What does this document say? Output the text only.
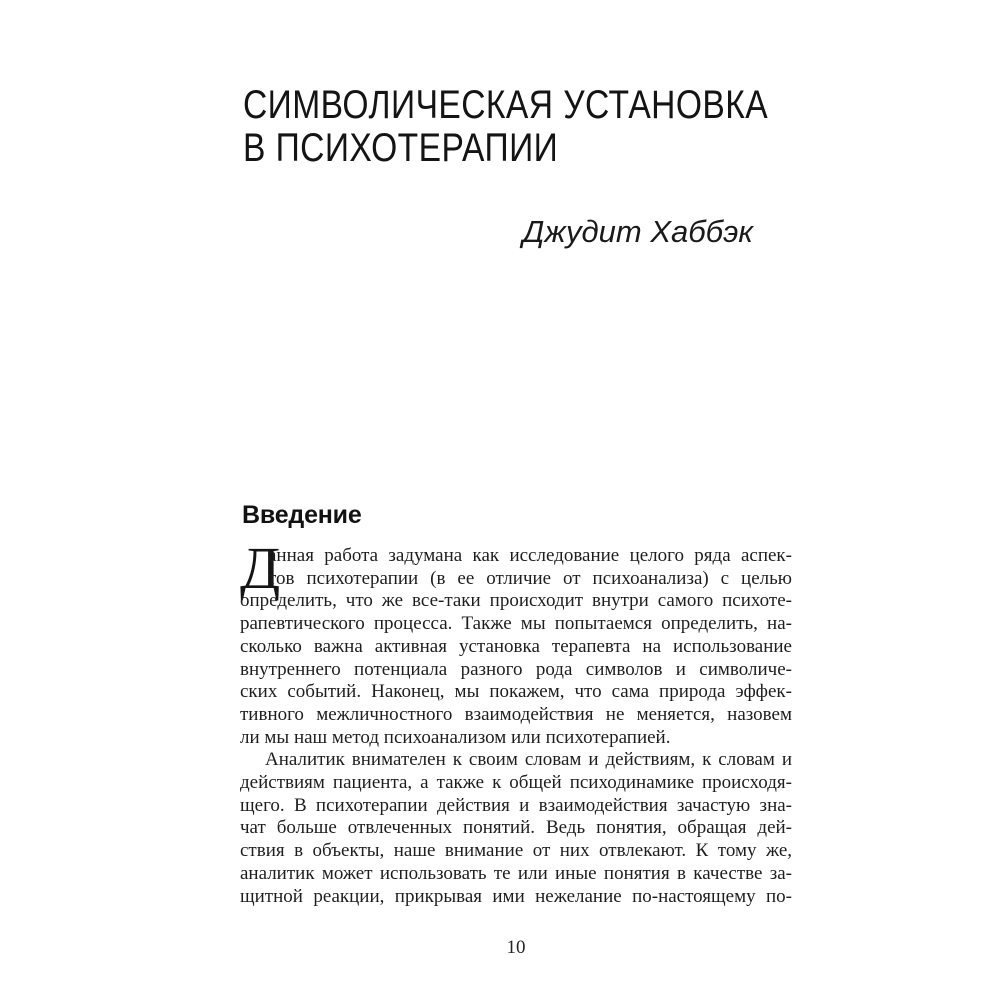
СИМВОЛИЧЕСКАЯ УСТАНОВКА
В ПСИХОТЕРАПИИ
Джудит Хаббэк
Введение
Д
анная работа задумана как исследование целого ряда аспек-
тов психотерапии (в ее отличие от психоанализа) с целью
определить, что же все-таки происходит внутри самого психоте-
рапевтического процесса. Также мы попытаемся определить, на-
сколько важна активная установка терапевта на использование
внутреннего потенциала разного рода символов и символиче-
ских событий. Наконец, мы покажем, что сама природа эффек-
тивного межличностного взаимодействия не меняется, назовем
ли мы наш метод психоанализом или психотерапией.
Аналитик внимателен к своим словам и действиям, к словам и
действиям пациента, а также к общей психодинамике происходя-
щего. В психотерапии действия и взаимодействия зачастую зна-
чат больше отвлеченных понятий. Ведь понятия, обращая дей-
ствия в объекты, наше внимание от них отвлекают. К тому же,
аналитик может использовать те или иные понятия в качестве за-
щитной реакции, прикрывая ими нежелание по-настоящему по-
10
